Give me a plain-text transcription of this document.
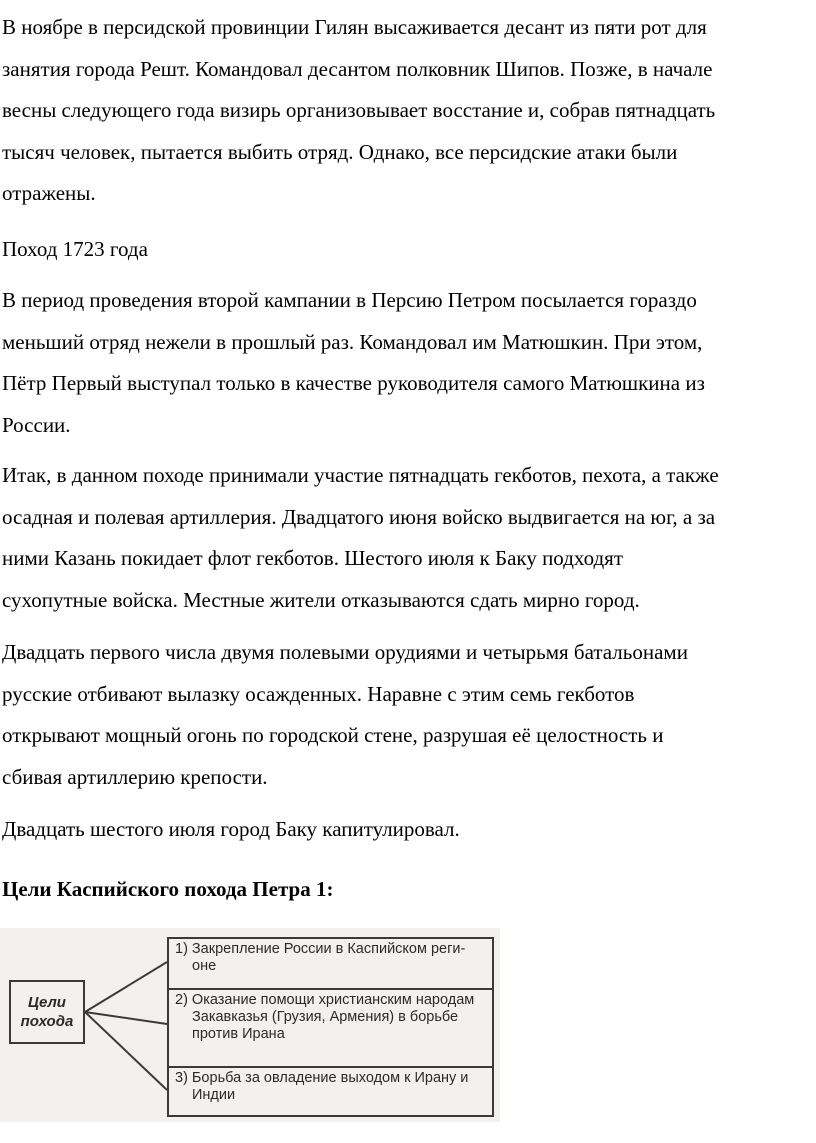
В ноябре в персидской провинции Гилян высаживается десант из пяти рот для
занятия города Решт. Командовал десантом полковник Шипов. Позже, в начале
весны следующего года визирь организовывает восстание и, собрав пятнадцать
тысяч человек, пытается выбить отряд. Однако, все персидские атаки были
отражены.

Поход 1723 года

В период проведения второй кампании в Персию Петром посылается гораздо
меньший отряд нежели в прошлый раз. Командовал им Матюшкин. При этом,
Пётр Первый выступал только в качестве руководителя самого Матюшкина из
России.

Итак, в данном походе принимали участие пятнадцать гекботов, пехота, а также
осадная и полевая артиллерия. Двадцатого июня войско выдвигается на юг, а за
ними Казань покидает флот гекботов. Шестого июля к Баку подходят
сухопутные войска. Местные жители отказываются сдать мирно город.

Двадцать первого числа двумя полевыми орудиями и четырьмя батальонами
русские отбивают вылазку осажденных. Наравне с этим семь гекботов
открывают мощный огонь по городской стене, разрушая её целостность и
сбивая артиллерию крепости.

Двадцать шестого июля город Баку капитулировал.

Цели Каспийского похода Петра 1:
Цели
похода
1) Закрепление России в Каспийском реги-
оне
2) Оказание помощи христианским народам
Закавказья (Грузия, Армения) в борьбе
против Ирана
3) Борьба за овладение выходом к Ирану и
Индии
